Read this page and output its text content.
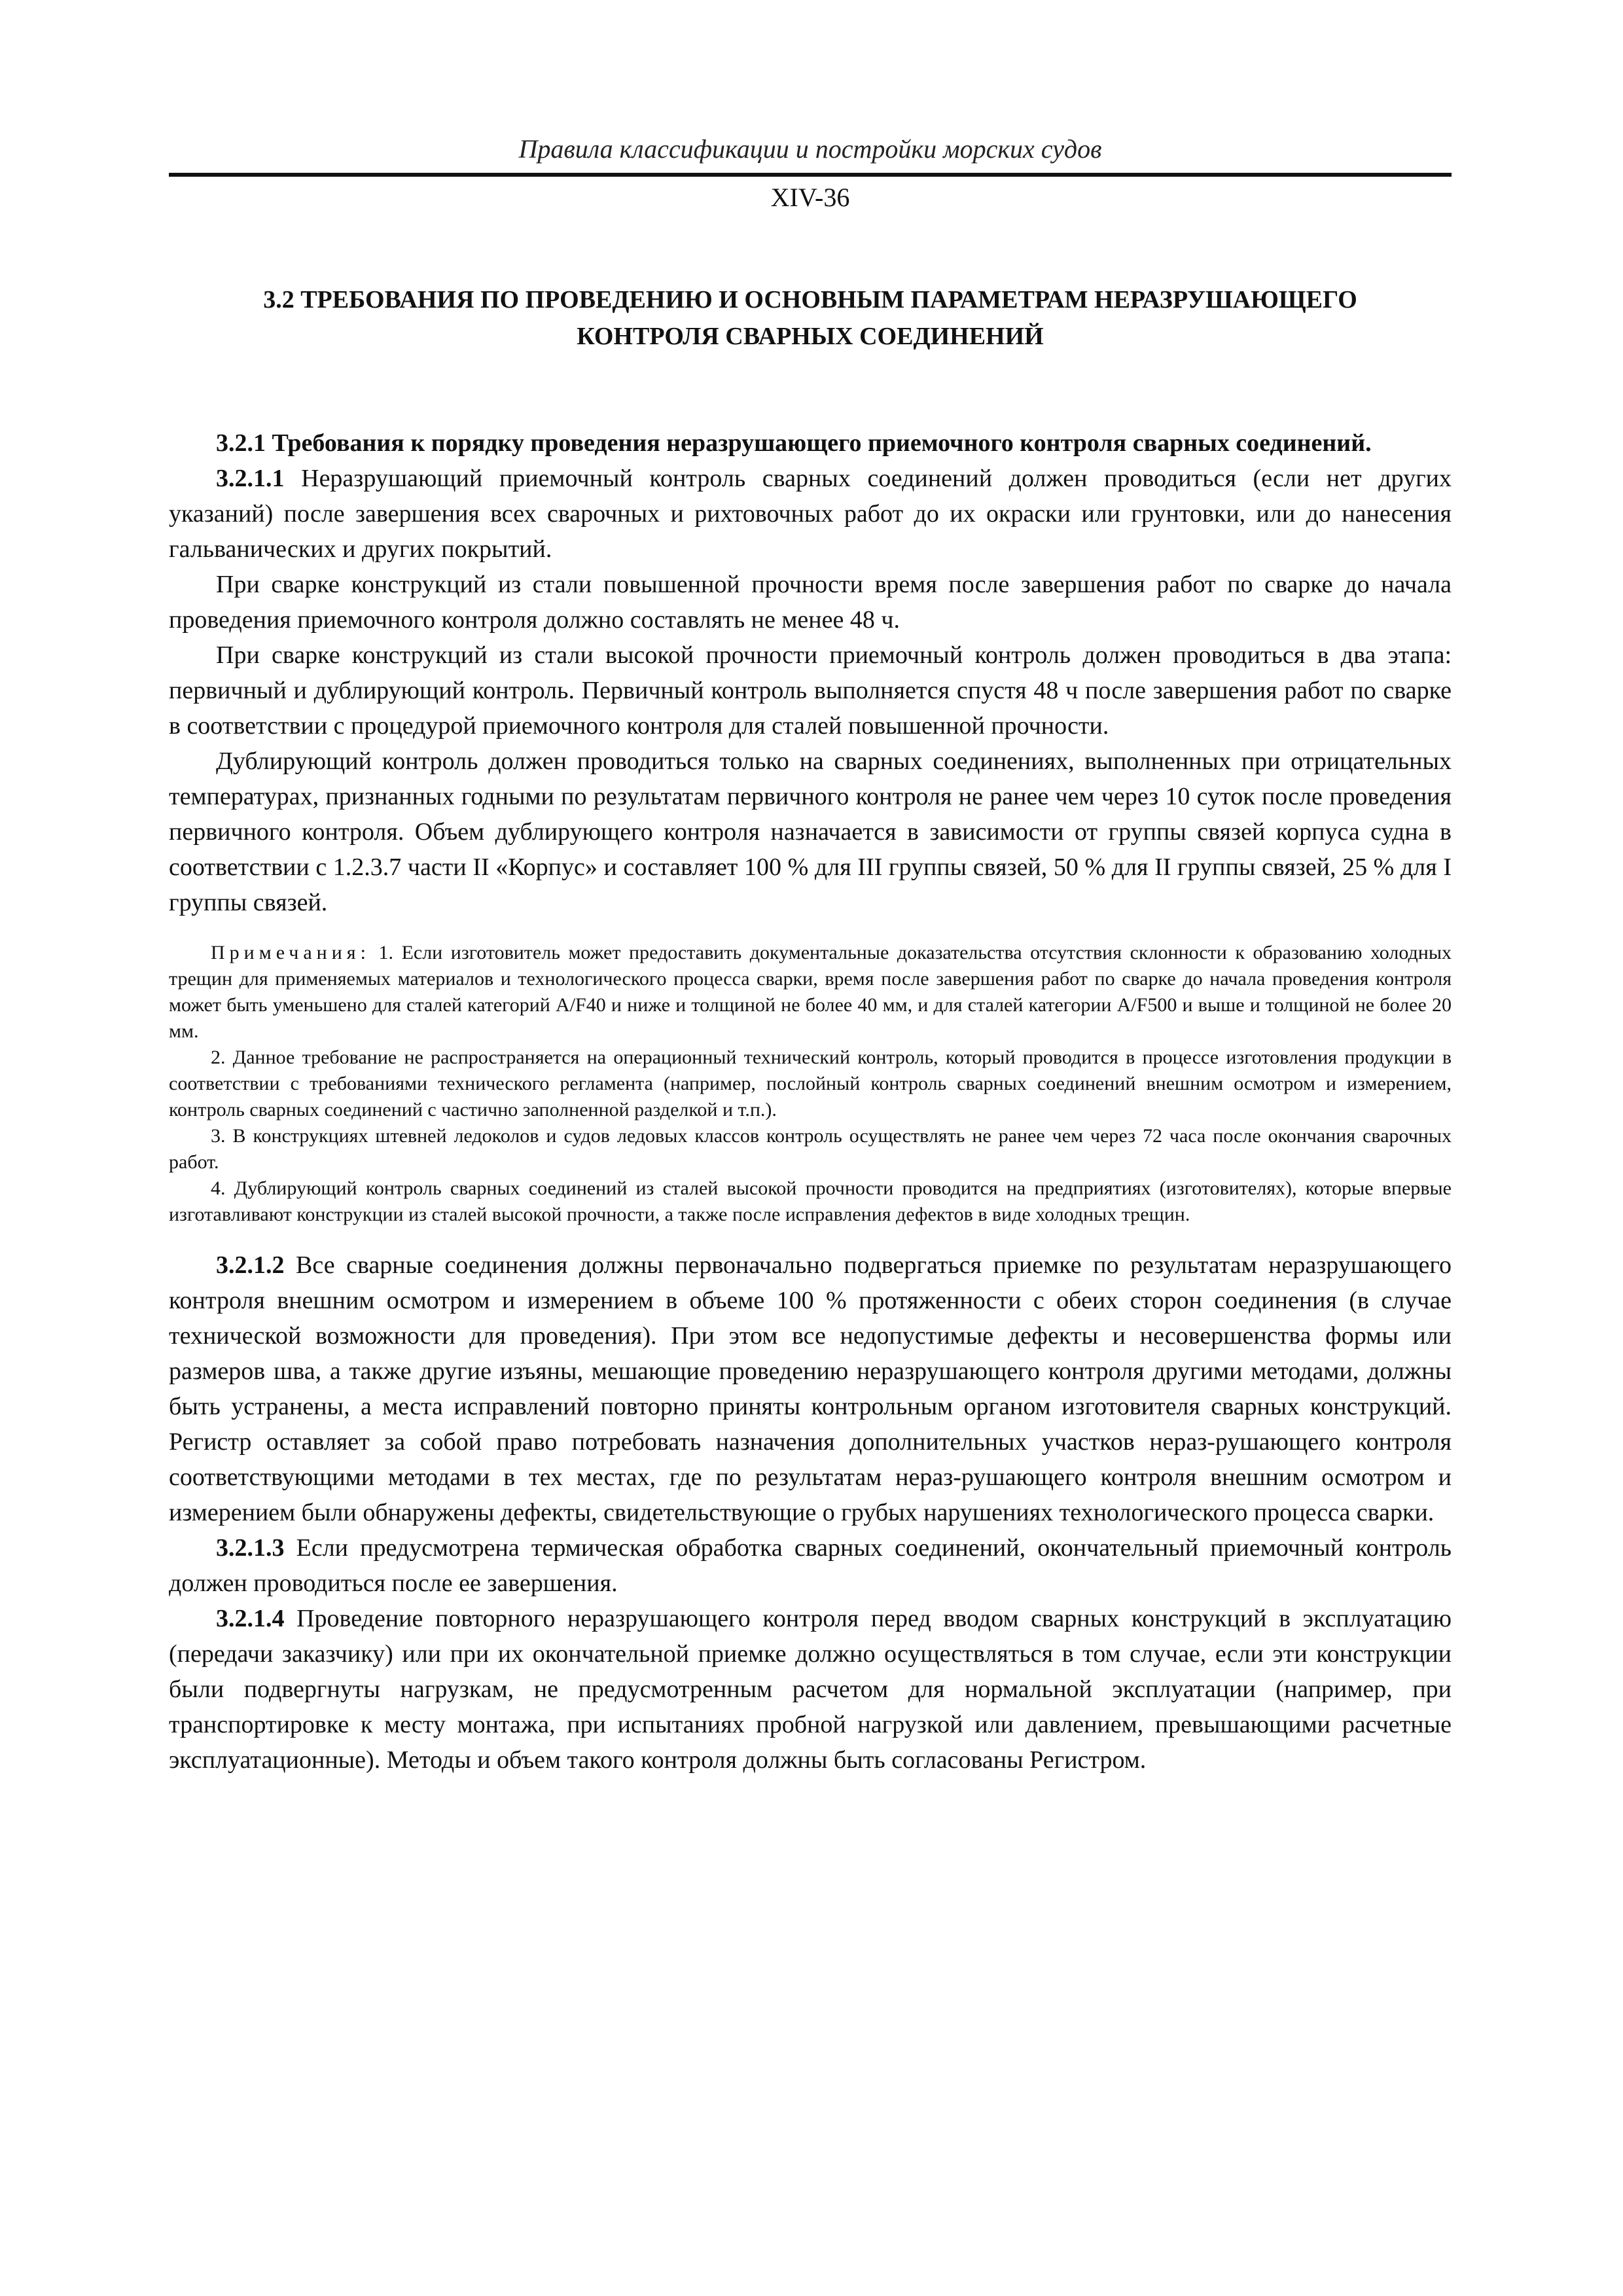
Правила классификации и постройки морских судов
XIV-36
3.2 ТРЕБОВАНИЯ ПО ПРОВЕДЕНИЮ И ОСНОВНЫМ ПАРАМЕТРАМ НЕРАЗРУШАЮЩЕГО КОНТРОЛЯ СВАРНЫХ СОЕДИНЕНИЙ
3.2.1 Требования к порядку проведения неразрушающего приемочного контроля сварных соединений.

3.2.1.1 Неразрушающий приемочный контроль сварных соединений должен проводиться (если нет других указаний) после завершения всех сварочных и рихтовочных работ до их окраски или грунтовки, или до нанесения гальванических и других покрытий.

При сварке конструкций из стали повышенной прочности время после завершения работ по сварке до начала проведения приемочного контроля должно составлять не менее 48 ч.

При сварке конструкций из стали высокой прочности приемочный контроль должен проводиться в два этапа: первичный и дублирующий контроль. Первичный контроль выполняется спустя 48 ч после завершения работ по сварке в соответствии с процедурой приемочного контроля для сталей повышенной прочности.

Дублирующий контроль должен проводиться только на сварных соединениях, выполненных при отрицательных температурах, признанных годными по результатам первичного контроля не ранее чем через 10 суток после проведения первичного контроля. Объем дублирующего контроля назначается в зависимости от группы связей корпуса судна в соответствии с 1.2.3.7 части II «Корпус» и составляет 100 % для III группы связей, 50 % для II группы связей, 25 % для I группы связей.

Примечания: 1. Если изготовитель может предоставить документальные доказательства отсутствия склонности к образованию холодных трещин для применяемых материалов и технологического процесса сварки, время после завершения работ по сварке до начала проведения контроля может быть уменьшено для сталей категорий A/F40 и ниже и толщиной не более 40 мм, и для сталей категории A/F500 и выше и толщиной не более 20 мм.

2. Данное требование не распространяется на операционный технический контроль, который проводится в процессе изготовления продукции в соответствии с требованиями технического регламента (например, послойный контроль сварных соединений внешним осмотром и измерением, контроль сварных соединений с частично заполненной разделкой и т.п.).

3. В конструкциях штевней ледоколов и судов ледовых классов контроль осуществлять не ранее чем через 72 часа после окончания сварочных работ.

4. Дублирующий контроль сварных соединений из сталей высокой прочности проводится на предприятиях (изготовителях), которые впервые изготавливают конструкции из сталей высокой прочности, а также после исправления дефектов в виде холодных трещин.

3.2.1.2 Все сварные соединения должны первоначально подвергаться приемке по результатам неразрушающего контроля внешним осмотром и измерением в объеме 100 % протяженности с обеих сторон соединения (в случае технической возможности для проведения). При этом все недопустимые дефекты и несовершенства формы или размеров шва, а также другие изъяны, мешающие проведению неразрушающего контроля другими методами, должны быть устранены, а места исправлений повторно приняты контрольным органом изготовителя сварных конструкций. Регистр оставляет за собой право потребовать назначения дополнительных участков нераз-рушающего контроля соответствующими методами в тех местах, где по результатам нераз-рушающего контроля внешним осмотром и измерением были обнаружены дефекты, свидетельствующие о грубых нарушениях технологического процесса сварки.

3.2.1.3 Если предусмотрена термическая обработка сварных соединений, окончательный приемочный контроль должен проводиться после ее завершения.

3.2.1.4 Проведение повторного неразрушающего контроля перед вводом сварных конструкций в эксплуатацию (передачи заказчику) или при их окончательной приемке должно осуществляться в том случае, если эти конструкции были подвергнуты нагрузкам, не предусмотренным расчетом для нормальной эксплуатации (например, при транспортировке к месту монтажа, при испытаниях пробной нагрузкой или давлением, превышающими расчетные эксплуатационные). Методы и объем такого контроля должны быть согласованы Регистром.
